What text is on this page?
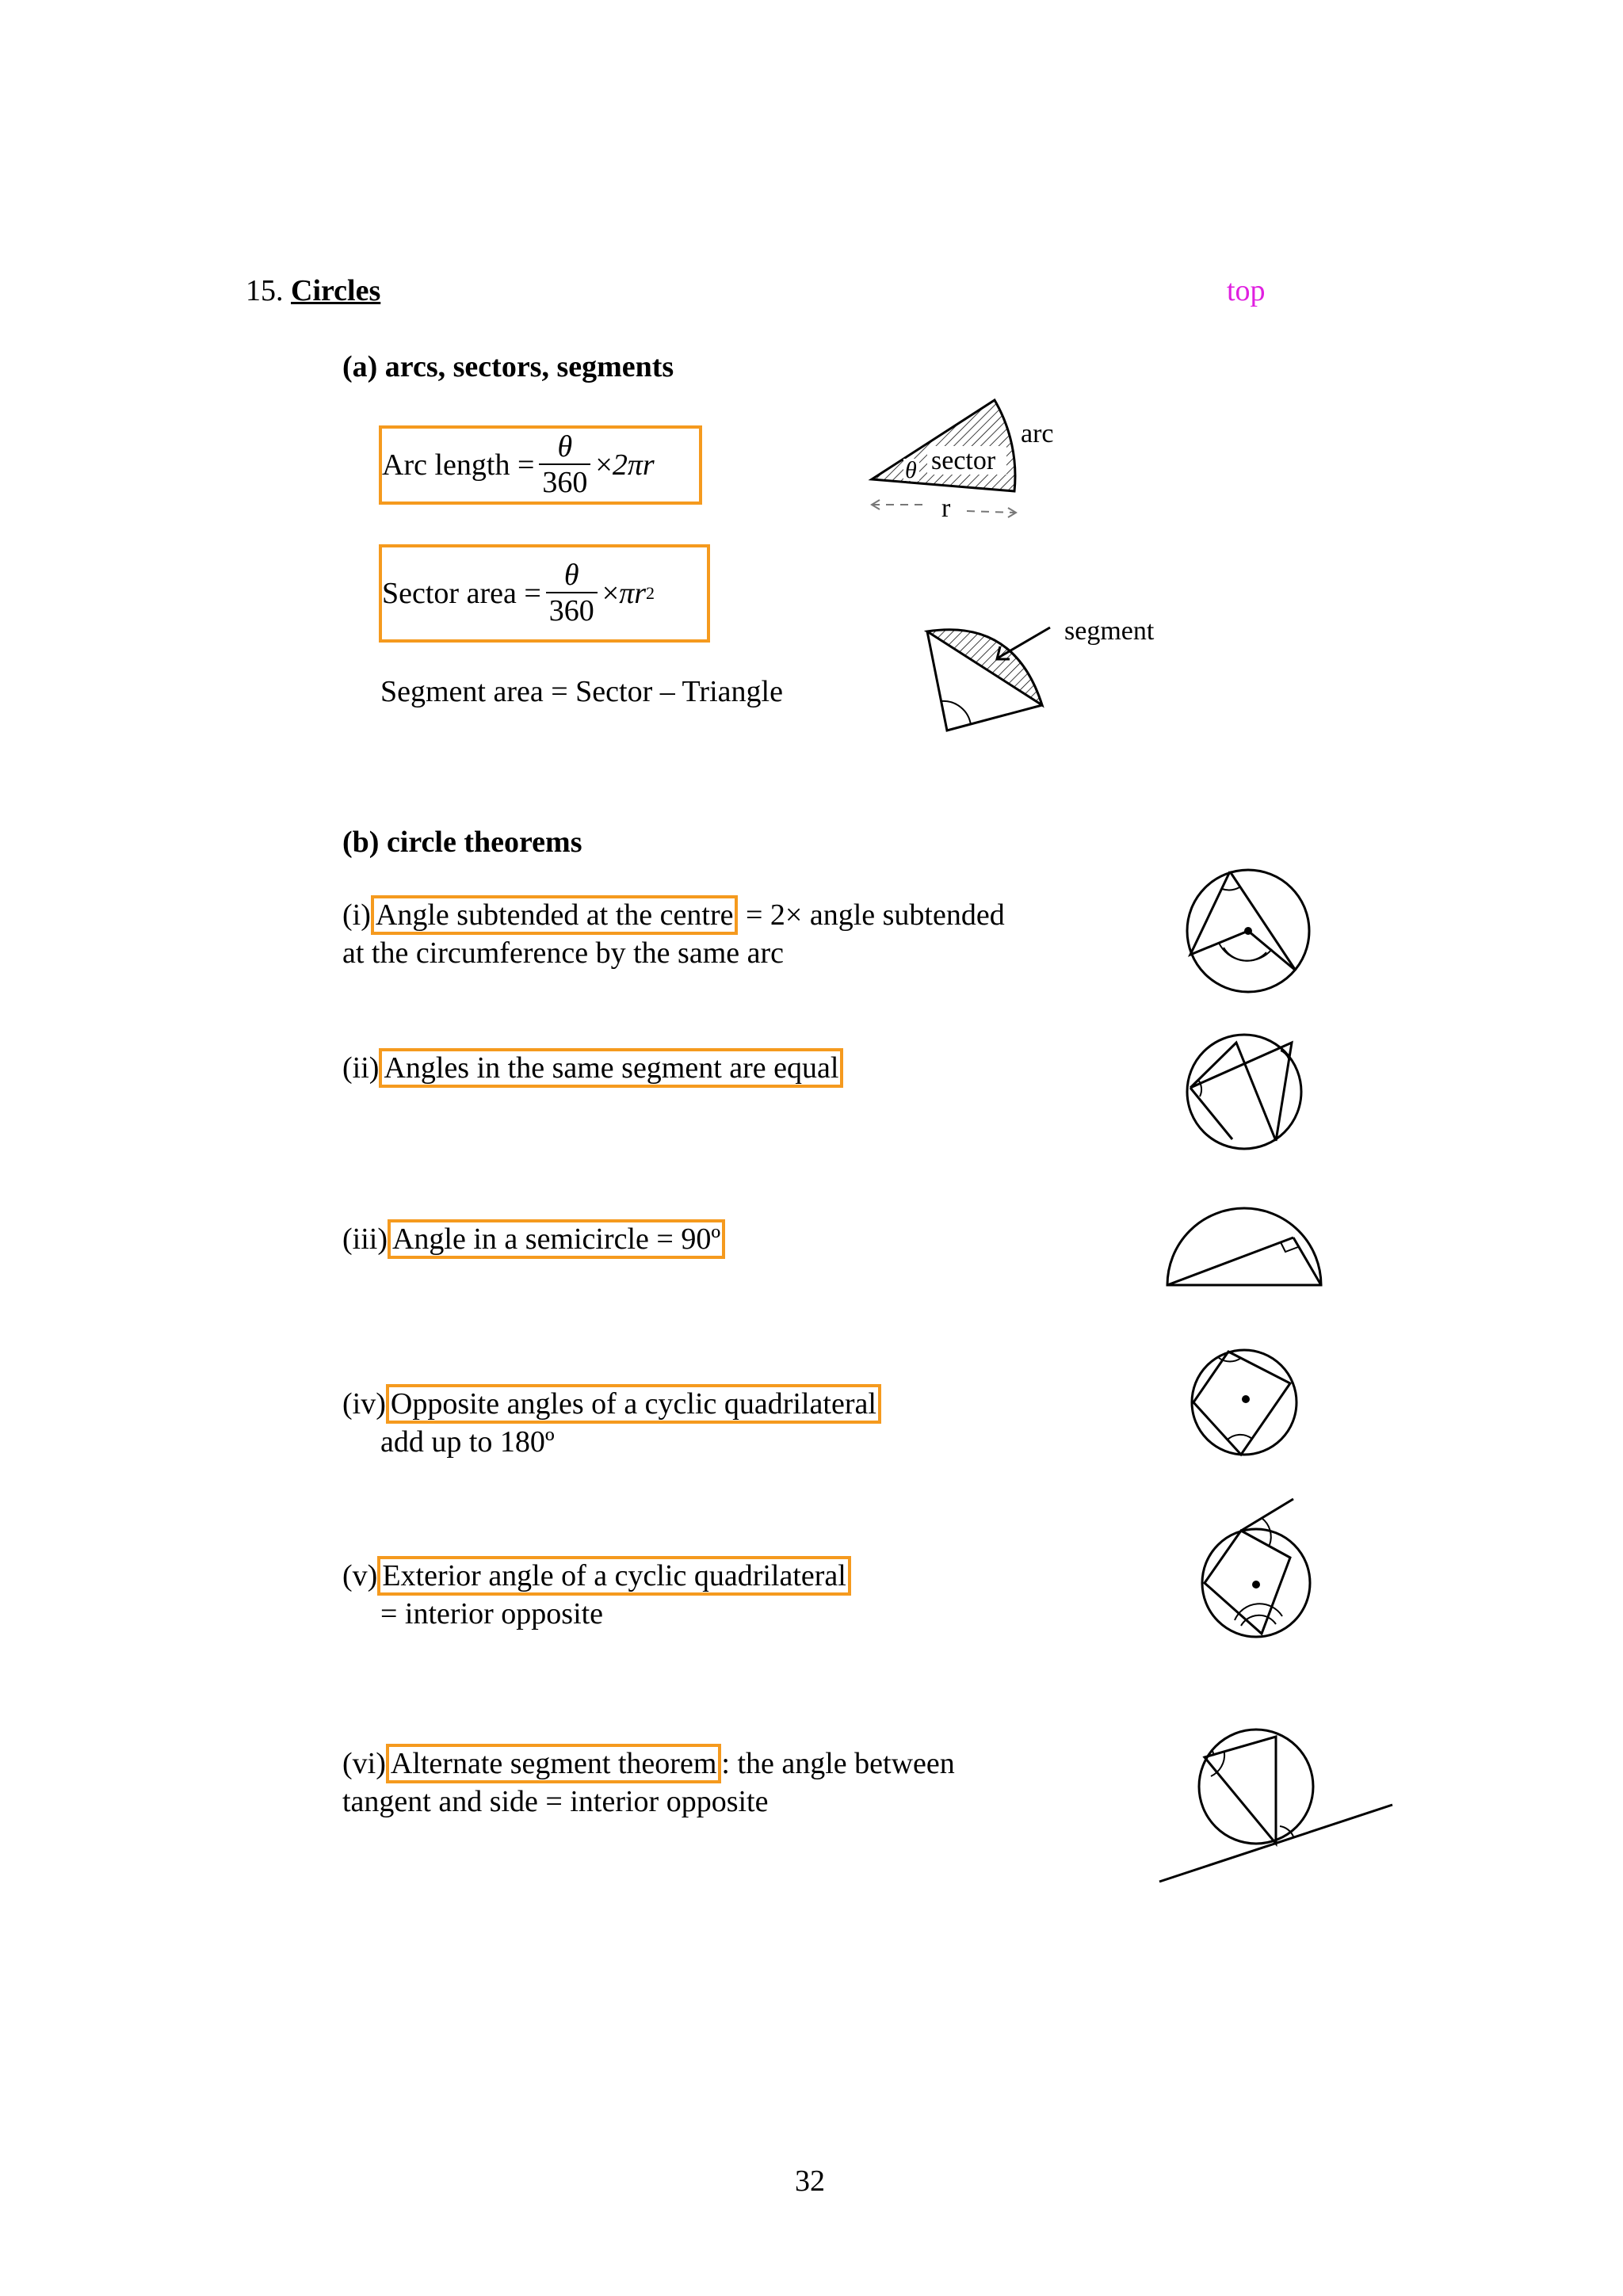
15. Circles	top
(a) arcs, sectors, segments
Arc length = $\frac{\theta}{360} \times 2\pi r$
Sector area = $\frac{\theta}{360} \times \pi r$ 2
Segment area = Sector – Triangle
sector
θ
arc
r
segment
(b) circle theorems
(i) Angle subtended at the centre = 2× angle subtended
at the circumference by the same arc
(ii) Angles in the same segment are equal
(iii) Angle in a semicircle = 90º
(iv) Opposite angles of a cyclic quadrilateral
add up to 180º
(v) Exterior angle of a cyclic quadrilateral
= interior opposite
(vi) Alternate segment theorem : the angle between
tangent and side = interior opposite
32
